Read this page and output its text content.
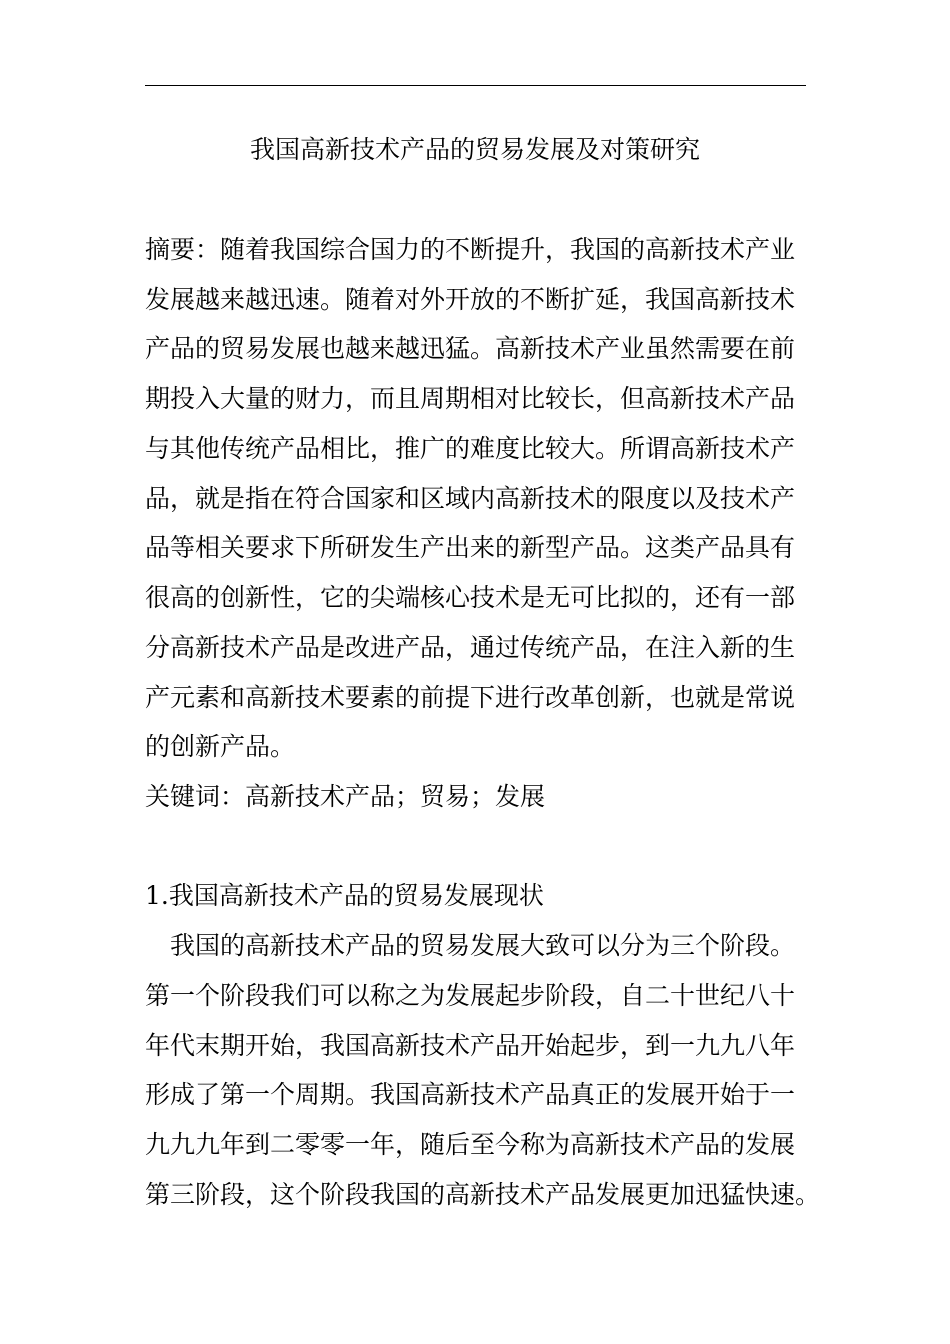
我国高新技术产品的贸易发展及对策研究
摘要：随着我国综合国力的不断提升，我国的高新技术产业
发展越来越迅速。随着对外开放的不断扩延，我国高新技术
产品的贸易发展也越来越迅猛。高新技术产业虽然需要在前
期投入大量的财力，而且周期相对比较长，但高新技术产品
与其他传统产品相比，推广的难度比较大。所谓高新技术产
品，就是指在符合国家和区域内高新技术的限度以及技术产
品等相关要求下所研发生产出来的新型产品。这类产品具有
很高的创新性，它的尖端核心技术是无可比拟的，还有一部
分高新技术产品是改进产品，通过传统产品，在注入新的生
产元素和高新技术要素的前提下进行改革创新，也就是常说
的创新产品。
关键词：高新技术产品；贸易；发展
1.我国高新技术产品的贸易发展现状
　我国的高新技术产品的贸易发展大致可以分为三个阶段。
第一个阶段我们可以称之为发展起步阶段，自二十世纪八十
年代末期开始，我国高新技术产品开始起步，到一九九八年
形成了第一个周期。我国高新技术产品真正的发展开始于一
九九九年到二零零一年，随后至今称为高新技术产品的发展
第三阶段，这个阶段我国的高新技术产品发展更加迅猛快速。
